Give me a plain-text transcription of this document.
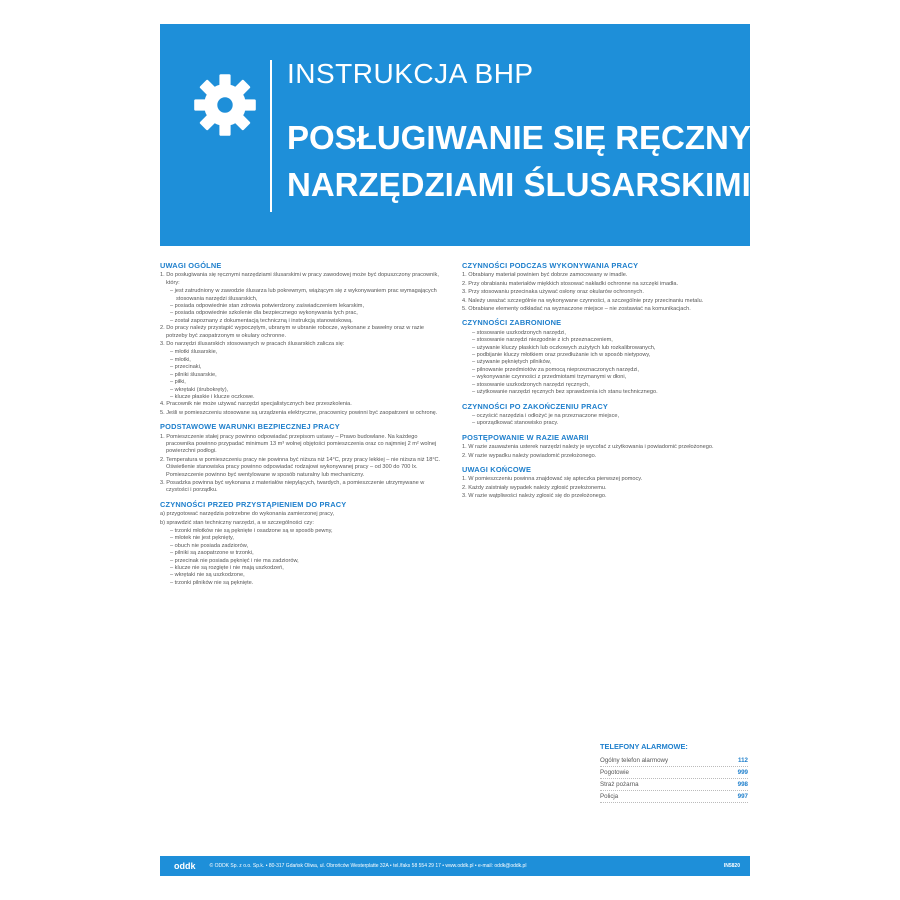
INSTRUKCJA BHP
POSŁUGIWANIE SIĘ RĘCZNYMI
NARZĘDZIAMI ŚLUSARSKIMI
UWAGI OGÓLNE
1. Do posługiwania się ręcznymi narzędziami ślusarskimi w pracy zawodowej może być dopuszczony pracownik, który:
– jest zatrudniony w zawodzie ślusarza lub pokrewnym, wiążącym się z wykonywaniem prac wymagających stosowania narzędzi ślusarskich,
– posiada odpowiednie stan zdrowia potwierdzony zaświadczeniem lekarskim,
– posiada odpowiednie szkolenie dla bezpiecznego wykonywania tych prac,
– został zapoznany z dokumentacją techniczną i instrukcją stanowiskową.
2. Do pracy należy przystąpić wypoczętym, ubranym w ubranie robocze, wykonane z bawełny oraz w razie potrzeby być zaopatrzonym w okulary ochronne.
3. Do narzędzi ślusarskich stosowanych w pracach ślusarskich zalicza się:
– młotki ślusarskie,
– młotki,
– przecinaki,
– pilniki ślusarskie,
– piłki,
– wkrętaki (śrubokręty),
– klucze płaskie i klucze oczkowe.
4. Pracownik nie może używać narzędzi specjalistycznych bez przeszkolenia.
5. Jeśli w pomieszczeniu stosowane są urządzenia elektryczne, pracownicy powinni być zaopatrzeni w ochronę.
PODSTAWOWE WARUNKI BEZPIECZNEJ PRACY
1. Pomieszczenie stałej pracy powinno odpowiadać przepisom ustawy – Prawo budowlane. Na każdego pracownika powinno przypadać minimum 13 m³ wolnej objętości pomieszczenia oraz co najmniej 2 m² wolnej powierzchni podłogi.
2. Temperatura w pomieszczeniu pracy nie powinna być niższa niż 14°C, przy pracy lekkiej – nie niższa niż 18°C. Oświetlenie stanowiska pracy powinno odpowiadać rodzajowi wykonywanej pracy – od 300 do 700 lx. Pomieszczenie powinno być wentylowane w sposób naturalny lub mechaniczny.
3. Posadzka powinna być wykonana z materiałów niepylących, twardych, a pomieszczenie utrzymywane w czystości i porządku.
CZYNNOŚCI PRZED PRZYSTĄPIENIEM DO PRACY
a) przygotować narzędzia potrzebne do wykonania zamierzonej pracy,
b) sprawdzić stan techniczny narzędzi, a w szczególności czy:
– trzonki młotków nie są pęknięte i osadzone są w sposób pewny,
– młotek nie jest pęknięty,
– obuch nie posiada zadziorów,
– pilniki są zaopatrzone w trzonki,
– przecinak nie posiada pęknięć i nie ma zadziorów,
– klucze nie są rozgięte i nie mają uszkodzeń,
– wkrętaki nie są uszkodzone,
– trzonki pilników nie są pęknięte.
CZYNNOŚCI PODCZAS WYKONYWANIA PRACY
1. Obrabiany materiał powinien być dobrze zamocowany w imadle.
2. Przy obrabianiu materiałów miękkich stosować nakładki ochronne na szczęki imadła.
3. Przy stosowaniu przecinaka używać osłony oraz okularów ochronnych.
4. Należy uważać szczególnie na wykonywane czynności, a szczególnie przy przecinaniu metalu.
5. Obrabiane elementy odkładać na wyznaczone miejsce – nie zostawiać na komunikacjach.
CZYNNOŚCI ZABRONIONE
– stosowanie uszkodzonych narzędzi,
– stosowanie narzędzi niezgodnie z ich przeznaczeniem,
– używanie kluczy płaskich lub oczkowych zużytych lub rozkalibrowanych,
– podbijanie kluczy młotkiem oraz przedłużanie ich w sposób nietypowy,
– używanie pękniętych pilników,
– pilnowanie przedmiotów za pomocą nieprzeznaczonych narzędzi,
– wykonywanie czynności z przedmiotami trzymanymi w dłoni,
– stosowanie uszkodzonych narzędzi ręcznych,
– użytkowanie narzędzi ręcznych bez sprawdzenia ich stanu technicznego.
CZYNNOŚCI PO ZAKOŃCZENIU PRACY
– oczyścić narzędzia i odłożyć je na przeznaczone miejsce,
– uporządkować stanowisko pracy.
POSTĘPOWANIE W RAZIE AWARII
1. W razie zauważenia usterek narzędzi należy je wycofać z użytkowania i powiadomić przełożonego.
2. W razie wypadku należy powiadomić przełożonego.
UWAGI KOŃCOWE
1. W pomieszczeniu powinna znajdować się apteczka pierwszej pomocy.
2. Każdy zaistniały wypadek należy zgłosić przełożonemu.
3. W razie wątpliwości należy zgłosić się do przełożonego.
TELEFONY ALARMOWE:
Ogólny telefon alarmowy	112
Pogotowie	999
Straż pożarna	998
Policja	997
oddk	© ODDK Sp. z o.o. Sp.k. • 80-317 Gdańsk Oliwa, ul. Obrońców Westerplatte 32A • tel./faks 58 554 29 17 • www.oddk.pl • e-mail: oddk@oddk.pl	IN5820
